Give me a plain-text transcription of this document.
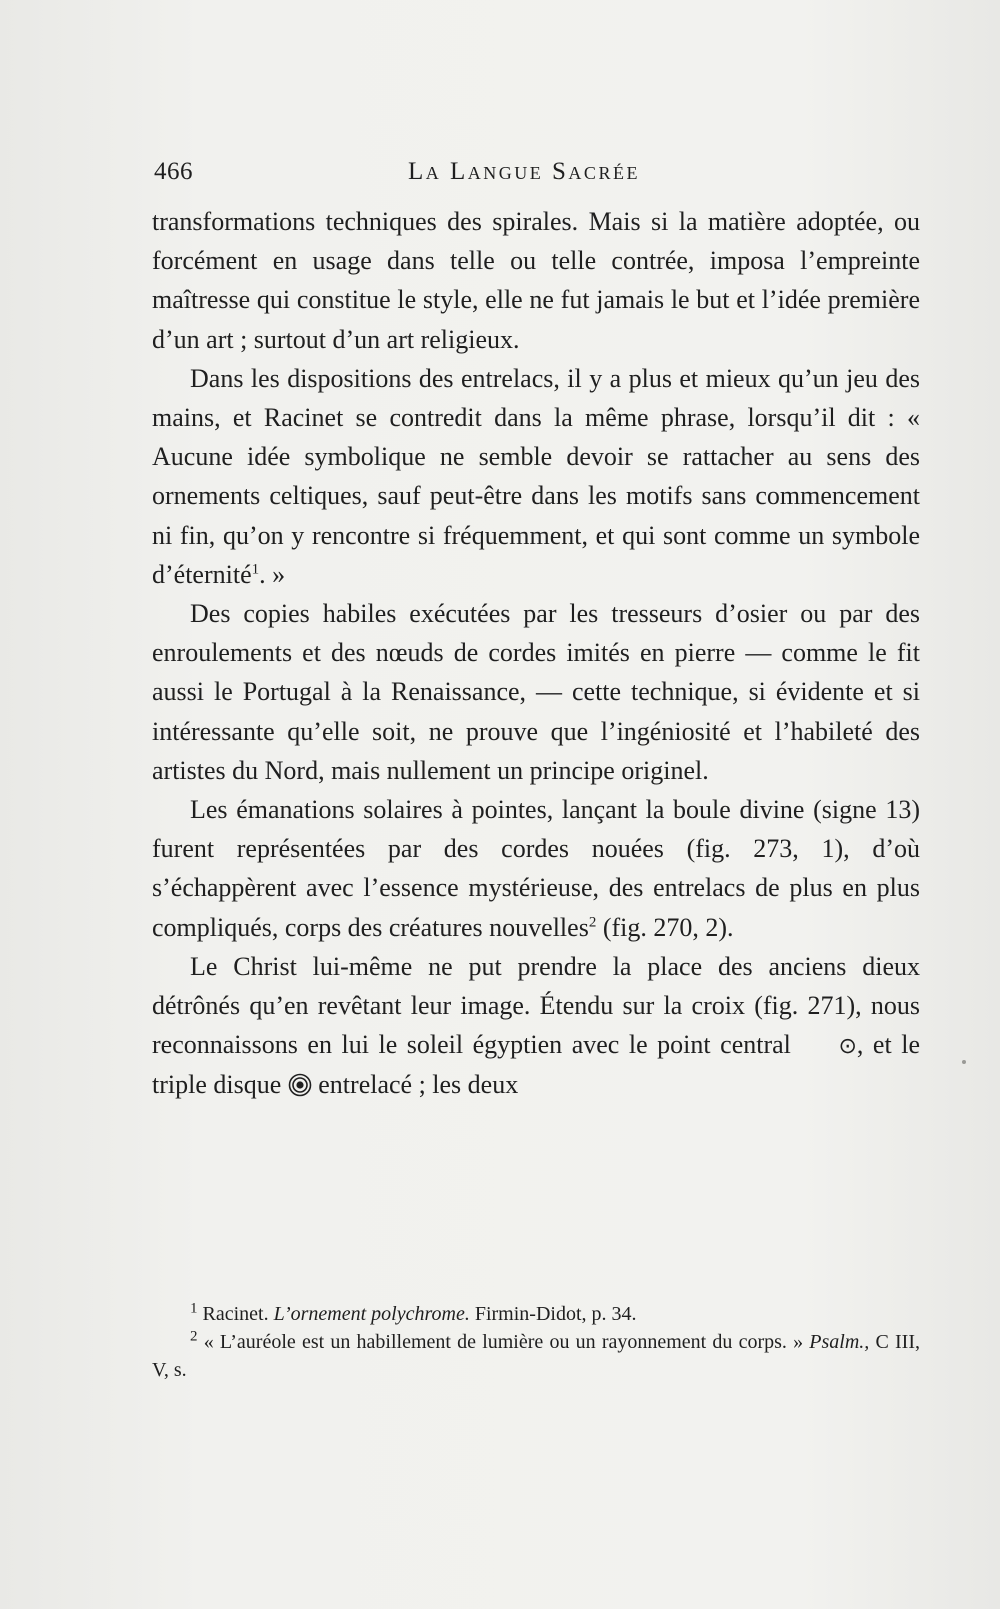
466	La Langue Sacrée

transformations techniques des spirales. Mais si la matière adoptée, ou forcément en usage dans telle ou telle contrée, imposa l’empreinte maîtresse qui constitue le style, elle ne fut jamais le but et l’idée première d’un art ; surtout d’un art religieux.

Dans les dispositions des entrelacs, il y a plus et mieux qu’un jeu des mains, et Racinet se contredit dans la même phrase, lorsqu’il dit : « Aucune idée symbolique ne semble devoir se rattacher au sens des ornements celtiques, sauf peut-être dans les motifs sans commencement ni fin, qu’on y rencontre si fréquemment, et qui sont comme un symbole d’éternité$^1$. »

Des copies habiles exécutées par les tresseurs d’osier ou par des enroulements et des nœuds de cordes imités en pierre — comme le fit aussi le Portugal à la Renaissance, — cette technique, si évidente et si intéressante qu’elle soit, ne prouve que l’ingéniosité et l’habileté des artistes du Nord, mais nullement un principe originel.

Les émanations solaires à pointes, lançant la boule divine (signe 13) furent représentées par des cordes nouées (fig. 273, 1), d’où s’échappèrent avec l’essence mystérieuse, des entrelacs de plus en plus compliqués, corps des créatures nouvelles$^2$ (fig. 270, 2).

Le Christ lui-même ne put prendre la place des anciens dieux détrônés qu’en revêtant leur image. Étendu sur la croix (fig. 271), nous reconnaissons en lui le soleil égyptien avec le point central ⊙, et le triple disque entrelacé ; les deux

$^1$ Racinet. L’ornement polychrome. Firmin-Didot, p. 34.

$^2$ « L’auréole est un habillement de lumière ou un rayonnement du corps. » Psalm., C III, V, s.
